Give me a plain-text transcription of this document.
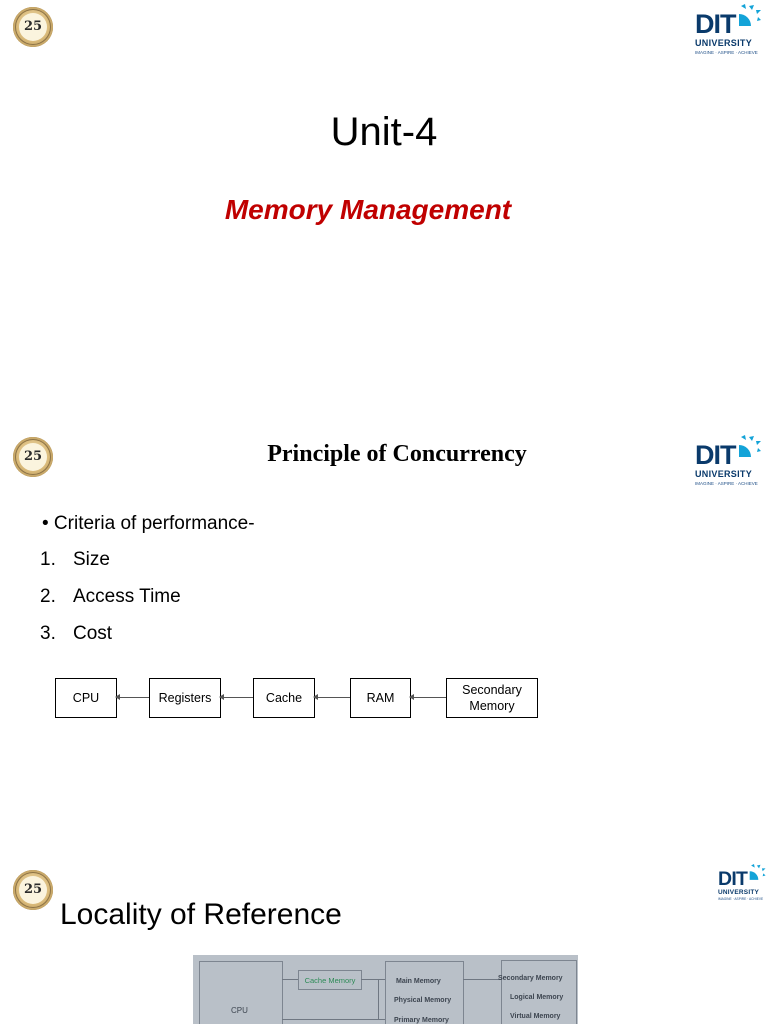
25	DIT
UNIVERSITY
IMAGINE · ASPIRE · ACHIEVE
Unit-4
Memory Management
25	DIT
UNIVERSITY
IMAGINE · ASPIRE · ACHIEVE
Principle of Concurrency
• Criteria of performance-
1. Size
2. Access Time
3. Cost
CPU	Registers	Cache	RAM
Secondary
Memory
25
DIT
UNIVERSITY
IMAGINE · ASPIRE · ACHIEVE
Locality of Reference
CPU
Cache Memory	Main Memory
Physical Memory
Primary Memory
Secondary Memory
Logical Memory
Virtual Memory
